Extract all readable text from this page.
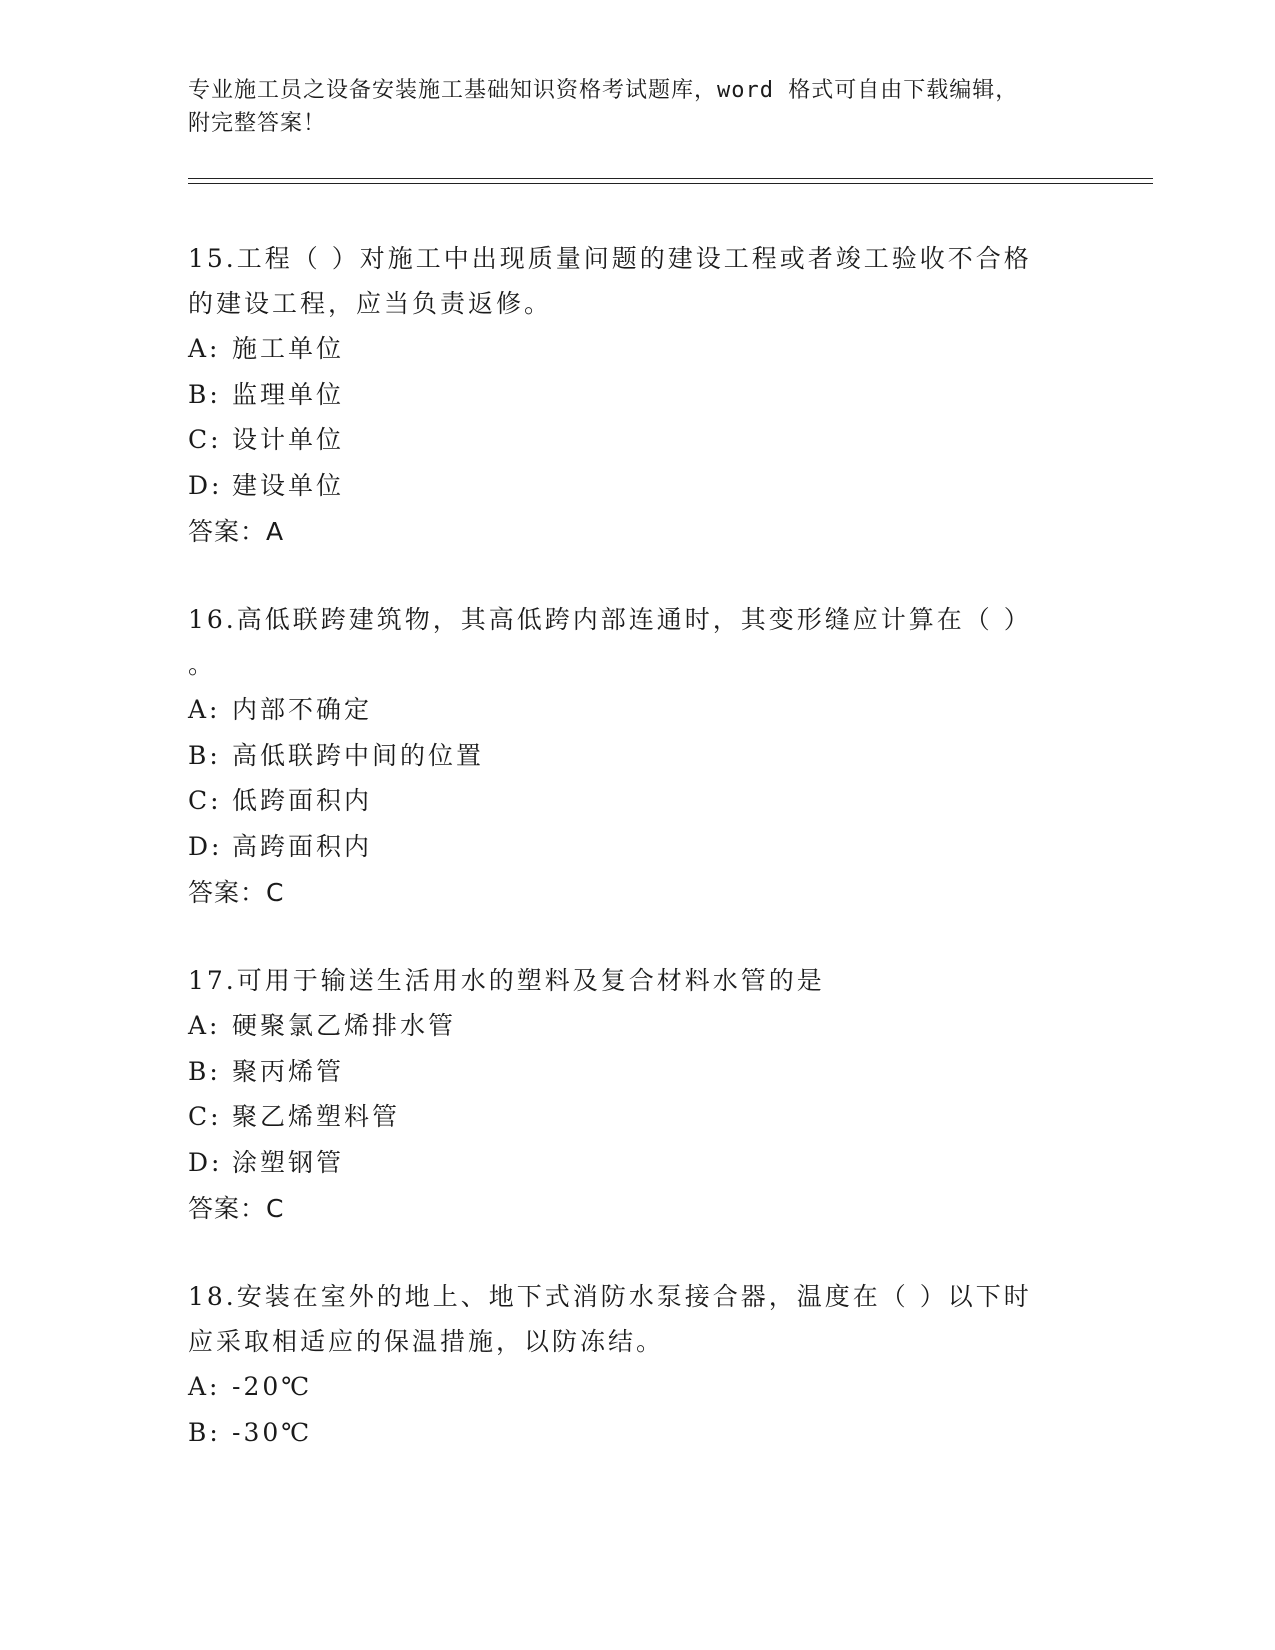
专业施工员之设备安装施工基础知识资格考试题库，word 格式可自由下载编辑，

附完整答案！

15.工程（ ）对施工中出现质量问题的建设工程或者竣工验收不合格

的建设工程，应当负责返修。

A: 施工单位

B: 监理单位

C: 设计单位

D: 建设单位

答案：A

16.高低联跨建筑物，其高低跨内部连通时，其变形缝应计算在（ ）

。

A: 内部不确定

B: 高低联跨中间的位置

C: 低跨面积内

D: 高跨面积内

答案：C

17.可用于输送生活用水的塑料及复合材料水管的是

A: 硬聚氯乙烯排水管

B: 聚丙烯管

C: 聚乙烯塑料管

D: 涂塑钢管

答案：C

18.安装在室外的地上、地下式消防水泵接合器，温度在（ ）以下时

应采取相适应的保温措施，以防冻结。

A: -20℃

B: -30℃
